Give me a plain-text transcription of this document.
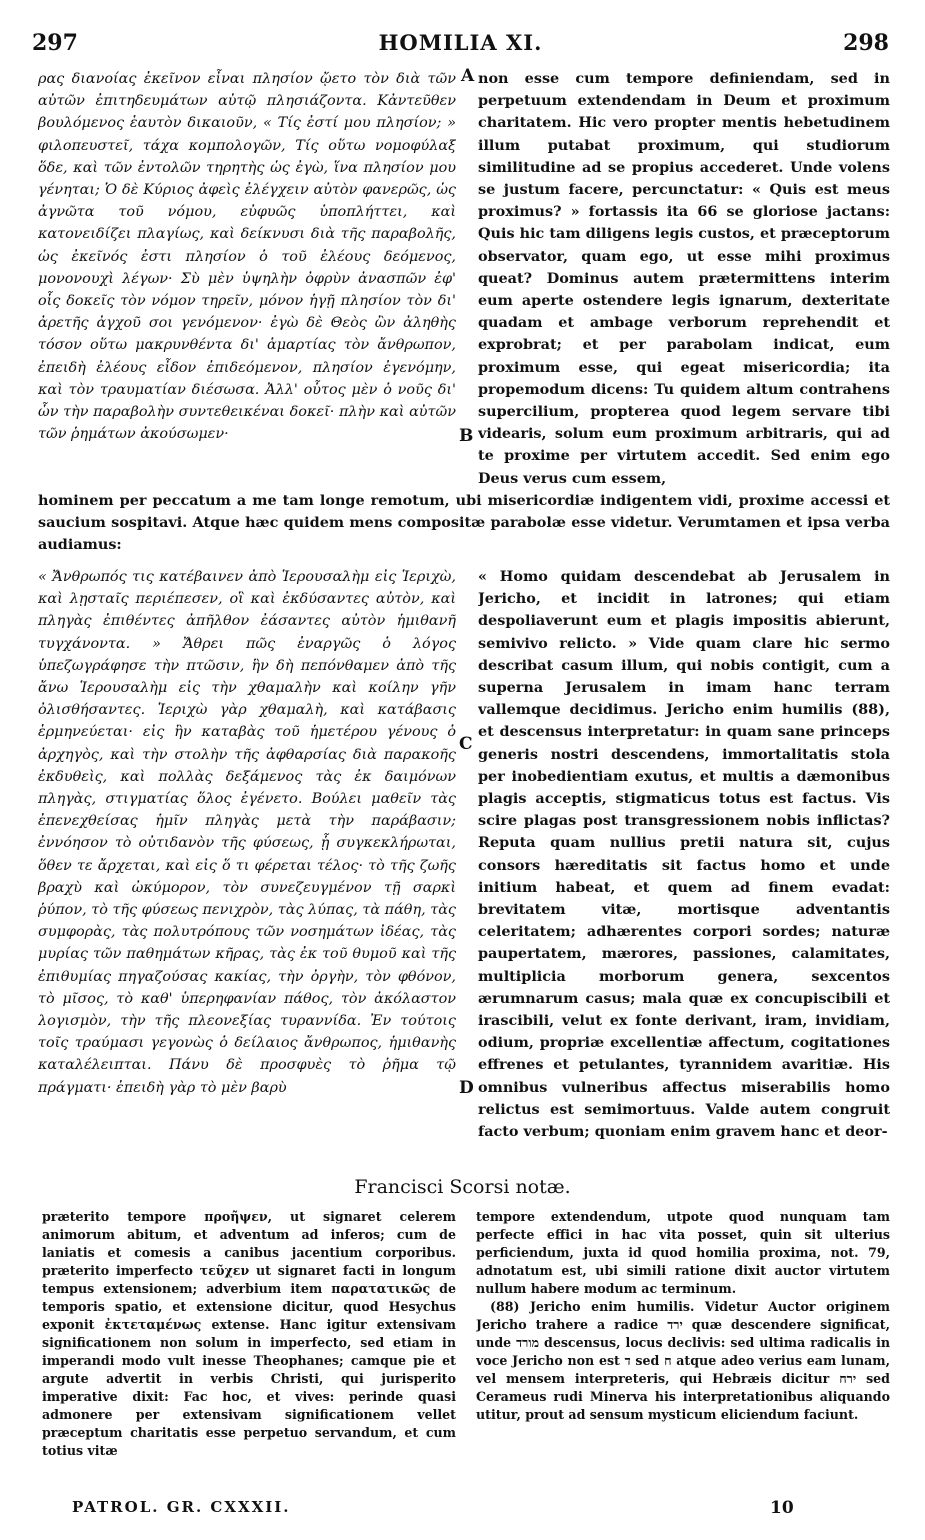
297	HOMILIA XI.	298

ρας διανοίας ἐκεῖνον εἶναι πλησίον ᾤετο τὸν διὰ τῶν αὐτῶν ἐπιτηδευμάτων αὐτῷ πλησιάζοντα. Κἀντεῦθεν βουλόμενος ἑαυτὸν δικαιοῦν, « Τίς ἐστί μου πλησίον; » φιλοπευστεῖ, τάχα κομπολογῶν, Τίς οὕτω νομοφύλαξ ὅδε, καὶ τῶν ἐντολῶν τηρητὴς ὡς ἐγὼ, ἵνα πλησίον μου γένηται; Ὁ δὲ Κύριος ἀφεὶς ἐλέγχειν αὐτὸν φανερῶς, ὡς ἀγνῶτα τοῦ νόμου, εὐφυῶς ὑποπλήττει, καὶ κατονειδίζει πλαγίως, καὶ δείκνυσι διὰ τῆς παραβολῆς, ὡς ἐκεῖνός ἐστι πλησίον ὁ τοῦ ἐλέους δεόμενος, μονονουχὶ λέγων· Σὺ μὲν ὑψηλὴν ὀφρὺν ἀνασπῶν ἐφ' οἷς δοκεῖς τὸν νόμον τηρεῖν, μόνον ἡγῇ πλησίον τὸν δι' ἀρετῆς ἀγχοῦ σοι γενόμενον· ἐγὼ δὲ Θεὸς ὢν ἀληθὴς τόσον οὕτω μακρυνθέντα δι' ἁμαρτίας τὸν ἄνθρωπον, ἐπειδὴ ἐλέους εἶδον ἐπιδεόμενον, πλησίον ἐγενόμην, καὶ τὸν τραυματίαν διέσωσα. Ἀλλ' οὗτος μὲν ὁ νοῦς δι' ὧν τὴν παραβολὴν συντεθεικέναι δοκεῖ· πλὴν καὶ αὐτῶν τῶν ῥημάτων ἀκούσωμεν·

A non esse cum tempore definiendam, sed in perpetuum extendendam in Deum et proximum charitatem. Hic vero propter mentis hebetudinem illum putabat proximum, qui studiorum similitudine ad se propius accederet. Unde volens se justum facere, percunctatur: « Quis est meus proximus? » fortassis ita 66 se gloriose jactans: Quis hic tam diligens legis custos, et præceptorum observator, quam ego, ut esse mihi proximus queat? Dominus autem prætermittens interim eum aperte ostendere legis ignarum, dexteritate quadam et ambage verborum reprehendit et exprobrat; et per parabolam indicat, eum proximum esse, qui egeat misericordia; ita propemodum dicens: Tu quidem altum contrahens supercilium, propterea quod legem servare tibi videaris, solum eum proximum arbitraris, qui ad te proxime per virtutem accedit. Sed enim ego Deus verus cum essem,

B
hominem per peccatum a me tam longe remotum, ubi misericordiæ indigentem vidi, proxime accessi et saucium sospitavi. Atque hæc quidem mens compositæ parabolæ esse videtur. Verumtamen et ipsa verba audiamus:

« Ἄνθρωπός τις κατέβαινεν ἀπὸ Ἱερουσαλὴμ εἰς Ἱεριχὼ, καὶ λῃσταῖς περιέπεσεν, οἳ καὶ ἐκδύσαντες αὐτὸν, καὶ πληγὰς ἐπιθέντες ἀπῆλθον ἐάσαντες αὐτὸν ἡμιθανῆ τυγχάνοντα. » Ἄθρει πῶς ἐναργῶς ὁ λόγος ὑπεζωγράφησε τὴν πτῶσιν, ἣν δὴ πεπόνθαμεν ἀπὸ τῆς ἄνω Ἱερουσαλὴμ εἰς τὴν χθαμαλὴν καὶ κοίλην γῆν ὀλισθήσαντες. Ἱεριχὼ γὰρ χθαμαλὴ, καὶ κατάβασις ἑρμηνεύεται· εἰς ἣν καταβὰς τοῦ ἡμετέρου γένους ὁ ἀρχηγὸς, καὶ τὴν στολὴν τῆς ἀφθαρσίας διὰ παρακοῆς ἐκδυθεὶς, καὶ πολλὰς δεξάμενος τὰς ἐκ δαιμόνων πληγὰς, στιγματίας ὅλος ἐγένετο. Βούλει μαθεῖν τὰς ἐπενεχθείσας ἡμῖν πληγὰς μετὰ τὴν παράβασιν; ἐννόησον τὸ οὐτιδανὸν τῆς φύσεως, ᾗ συγκεκλήρωται, ὅθεν τε ἄρχεται, καὶ εἰς ὅ τι φέρεται τέλος· τὸ τῆς ζωῆς βραχὺ καὶ ὠκύμορον, τὸν συνεζευγμένον τῇ σαρκὶ ῥύπον, τὸ τῆς φύσεως πενιχρὸν, τὰς λύπας, τὰ πάθη, τὰς συμφορὰς, τὰς πολυτρόπους τῶν νοσημάτων ἰδέας, τὰς μυρίας τῶν παθημάτων κῆρας, τὰς ἐκ τοῦ θυμοῦ καὶ τῆς ἐπιθυμίας πηγαζούσας κακίας, τὴν ὀργὴν, τὸν φθόνον, τὸ μῖσος, τὸ καθ' ὑπερηφανίαν πάθος, τὸν ἀκόλαστον λογισμὸν, τὴν τῆς πλεονεξίας τυραννίδα. Ἐν τούτοις τοῖς τραύμασι γεγονὼς ὁ δείλαιος ἄνθρωπος, ἡμιθανὴς καταλέλειπται. Πάνυ δὲ προσφυὲς τὸ ῥῆμα τῷ πράγματι· ἐπειδὴ γὰρ τὸ μὲν βαρὺ

C
D

« Homo quidam descendebat ab Jerusalem in Jericho, et incidit in latrones; qui etiam despoliaverunt eum et plagis impositis abierunt, semivivo relicto. » Vide quam clare hic sermo describat casum illum, qui nobis contigit, cum a superna Jerusalem in imam hanc terram vallemque decidimus. Jericho enim humilis (88), et descensus interpretatur: in quam sane princeps generis nostri descendens, immortalitatis stola per inobedientiam exutus, et multis a dæmonibus plagis acceptis, stigmaticus totus est factus. Vis scire plagas post transgressionem nobis inflictas? Reputa quam nullius pretii natura sit, cujus consors hæreditatis sit factus homo et unde initium habeat, et quem ad finem evadat: brevitatem vitæ, mortisque adventantis celeritatem; adhærentes corpori sordes; naturæ paupertatem, mærores, passiones, calamitates, multiplicia morborum genera, sexcentos ærumnarum casus; mala quæ ex concupiscibili et irascibili, velut ex fonte derivant, iram, invidiam, odium, propriæ excellentiæ affectum, cogitationes effrenes et petulantes, tyrannidem avaritiæ. His omnibus vulneribus affectus miserabilis homo relictus est semimortuus. Valde autem congruit facto verbum; quoniam enim gravem hanc et deor-

Francisci Scorsi notæ.

præterito tempore προῆψεν, ut signaret celerem animorum abitum, et adventum ad inferos; cum de laniatis et comesis a canibus jacentium corporibus. præterito imperfecto τεῦχεν ut signaret facti in longum tempus extensionem; adverbium item παρατατικῶς de temporis spatio, et extensione dicitur, quod Hesychus exponit ἐκτεταμένως extense. Hanc igitur extensivam significationem non solum in imperfecto, sed etiam in imperandi modo vult inesse Theophanes; camque pie et argute advertit in verbis Christi, qui jurisperito imperative dixit: Fac hoc, et vives: perinde quasi admonere per extensivam significationem vellet præceptum charitatis esse perpetuo servandum, et cum totius vitæ

tempore extendendum, utpote quod nunquam tam perfecte effici in hac vita posset, quin sit ulterius perficiendum, juxta id quod homilia proxima, not. 79, adnotatum est, ubi simili ratione dixit auctor virtutem nullum habere modum ac terminum.

(88) Jericho enim humilis. Videtur Auctor originem Jericho trahere a radice ירד quæ descendere significat, unde מורד descensus, locus declivis: sed ultima radicalis in voce Jericho non est ד sed ח atque adeo verius eam lunam, vel mensem interpreteris, qui Hebræis dicitur ירח sed Cerameus rudi Minerva his interpretationibus aliquando utitur, prout ad sensum mysticum eliciendum faciunt.

PATROL. GR. CXXXII.	10
